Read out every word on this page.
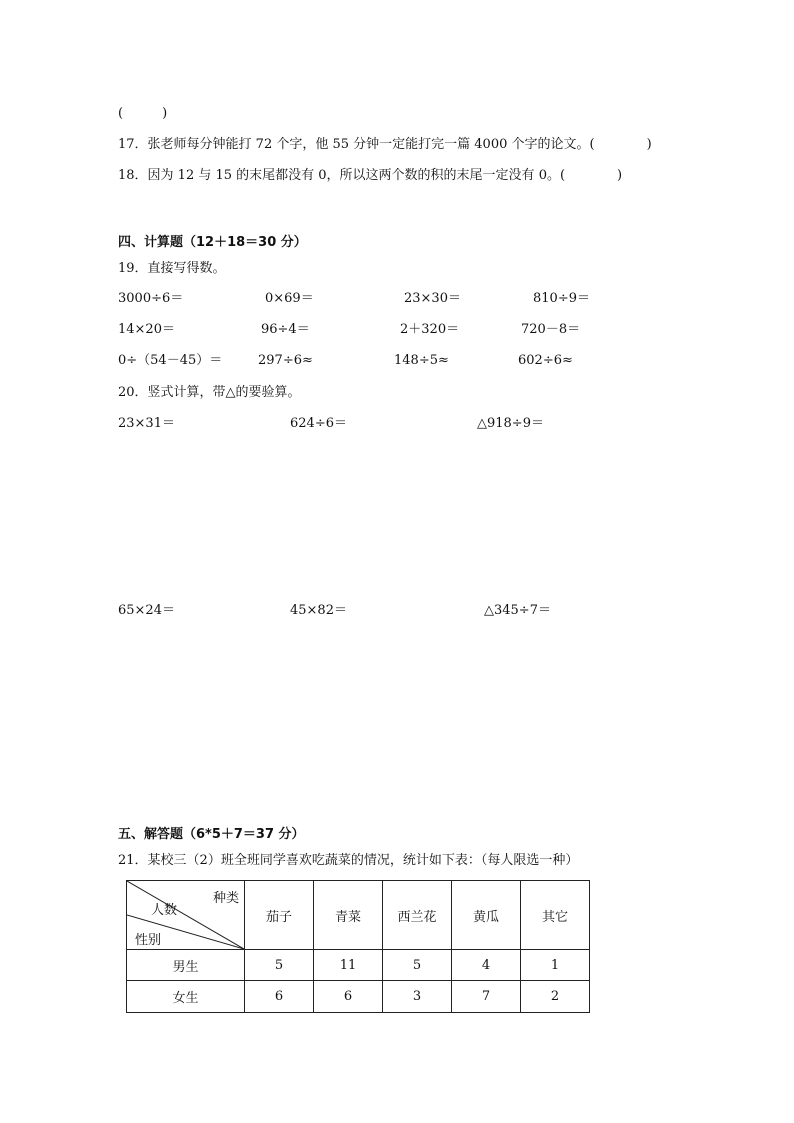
(　　　)
17．张老师每分钟能打 72 个字，他 55 分钟一定能打完一篇 4000 个字的论文。(　　　　)
18．因为 12 与 15 的末尾都没有 0，所以这两个数的积的末尾一定没有 0。(　　　　)
四、计算题（12＋18＝30 分）
19．直接写得数。
3000÷6＝	0×69＝	23×30＝	810÷9＝
14×20＝	96÷4＝	2＋320＝	720－8＝
0÷（54－45）＝	297÷6≈	148÷5≈	602÷6≈
20．竖式计算，带△的要验算。
23×31＝	624÷6＝	△918÷9＝
65×24＝	45×82＝	△345÷7＝
五、解答题（6*5＋7＝37 分）
21．某校三（2）班全班同学喜欢吃蔬菜的情况，统计如下表：（每人限选一种）
种类
人数
性别	茄子	青菜	西兰花	黄瓜	其它
男生	5	11	5	4	1
女生	6	6	3	7	2
